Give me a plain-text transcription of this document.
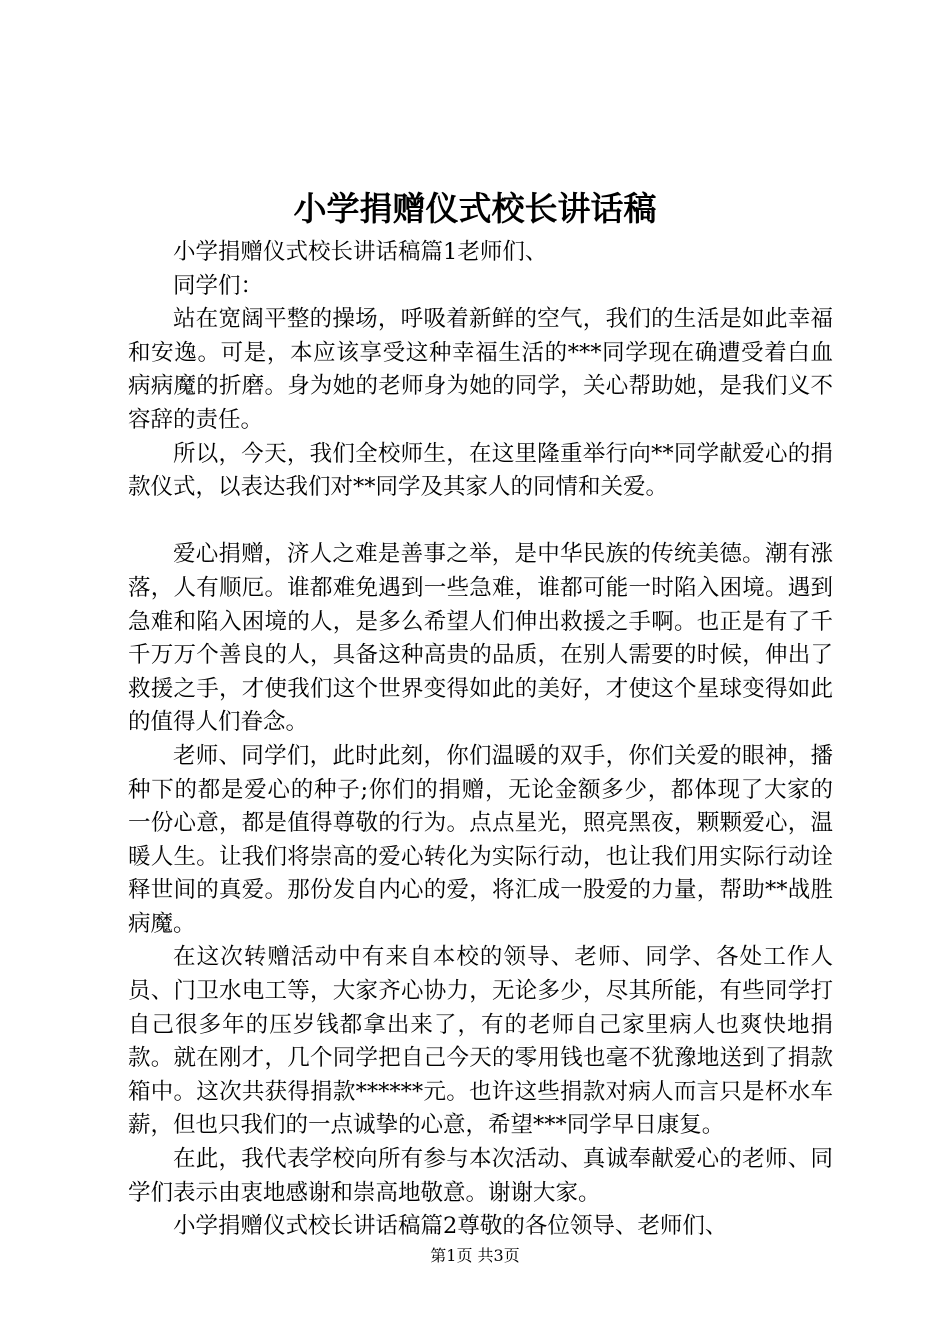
小学捐赠仪式校长讲话稿

小学捐赠仪式校长讲话稿篇1老师们、

同学们：

站在宽阔平整的操场，呼吸着新鲜的空气，我们的生活是如此幸福和安逸。可是，本应该享受这种幸福生活的***同学现在确遭受着白血病病魔的折磨。身为她的老师身为她的同学，关心帮助她，是我们义不容辞的责任。

所以，今天，我们全校师生，在这里隆重举行向**同学献爱心的捐款仪式，以表达我们对**同学及其家人的同情和关爱。

爱心捐赠，济人之难是善事之举，是中华民族的传统美德。潮有涨落，人有顺厄。谁都难免遇到一些急难，谁都可能一时陷入困境。遇到急难和陷入困境的人，是多么希望人们伸出救援之手啊。也正是有了千千万万个善良的人，具备这种高贵的品质，在别人需要的时候，伸出了救援之手，才使我们这个世界变得如此的美好，才使这个星球变得如此的值得人们眷念。

老师、同学们，此时此刻，你们温暖的双手，你们关爱的眼神，播种下的都是爱心的种子;你们的捐赠，无论金额多少，都体现了大家的一份心意，都是值得尊敬的行为。点点星光，照亮黑夜，颗颗爱心，温暖人生。让我们将崇高的爱心转化为实际行动，也让我们用实际行动诠释世间的真爱。那份发自内心的爱，将汇成一股爱的力量，帮助**战胜病魔。

在这次转赠活动中有来自本校的领导、老师、同学、各处工作人员、门卫水电工等，大家齐心协力，无论多少，尽其所能，有些同学打自己很多年的压岁钱都拿出来了，有的老师自己家里病人也爽快地捐款。就在刚才，几个同学把自己今天的零用钱也毫不犹豫地送到了捐款箱中。这次共获得捐款******元。也许这些捐款对病人而言只是杯水车薪，但也只我们的一点诚挚的心意，希望***同学早日康复。

在此，我代表学校向所有参与本次活动、真诚奉献爱心的老师、同学们表示由衷地感谢和崇高地敬意。谢谢大家。

小学捐赠仪式校长讲话稿篇2尊敬的各位领导、老师们、

第1页 共3页
